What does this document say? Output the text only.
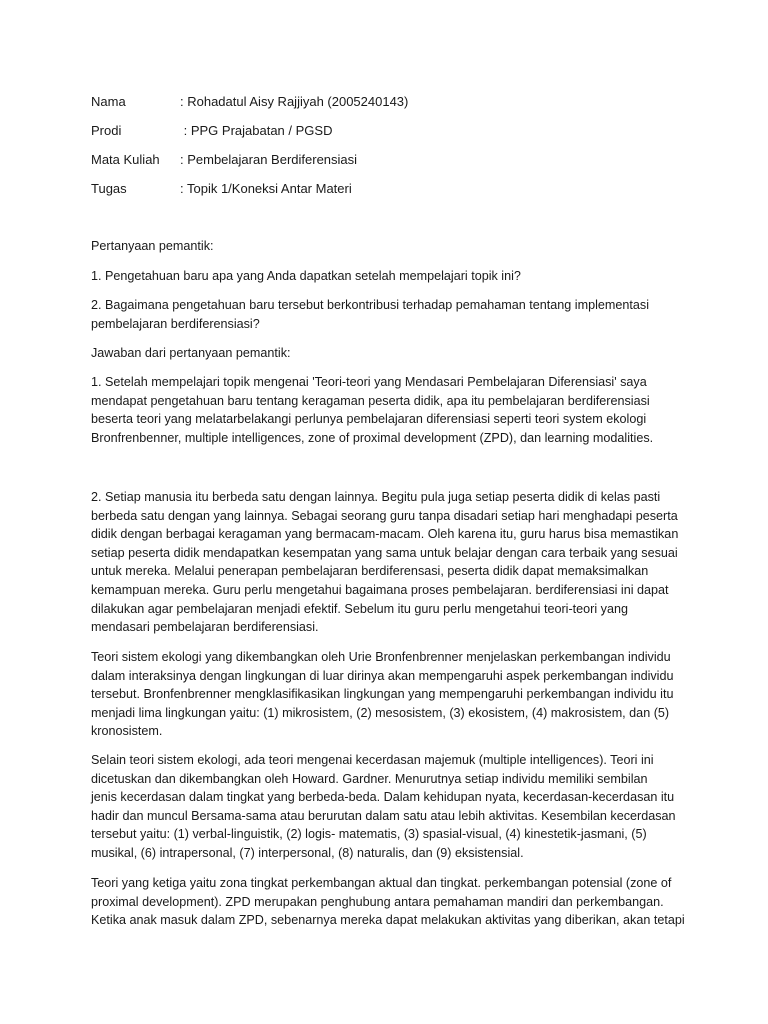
Nama	: Rohadatul Aisy Rajjiyah (2005240143)
Prodi	: PPG Prajabatan / PGSD
Mata Kuliah : Pembelajaran Berdiferensiasi
Tugas	: Topik 1/Koneksi Antar Materi
Pertanyaan pemantik:
1. Pengetahuan baru apa yang Anda dapatkan setelah mempelajari topik ini?
2. Bagaimana pengetahuan baru tersebut berkontribusi terhadap pemahaman tentang implementasi
pembelajaran berdiferensiasi?
Jawaban dari pertanyaan pemantik:
1. Setelah mempelajari topik mengenai 'Teori-teori yang Mendasari Pembelajaran Diferensiasi' saya
mendapat pengetahuan baru tentang keragaman peserta didik, apa itu pembelajaran berdiferensiasi
beserta teori yang melatarbelakangi perlunya pembelajaran diferensiasi seperti teori system ekologi
Bronfrenbenner, multiple intelligences, zone of proximal development (ZPD), dan learning modalities.
2. Setiap manusia itu berbeda satu dengan lainnya. Begitu pula juga setiap peserta didik di kelas pasti
berbeda satu dengan yang lainnya. Sebagai seorang guru tanpa disadari setiap hari menghadapi peserta
didik dengan berbagai keragaman yang bermacam-macam. Oleh karena itu, guru harus bisa memastikan
setiap peserta didik mendapatkan kesempatan yang sama untuk belajar dengan cara terbaik yang sesuai
untuk mereka. Melalui penerapan pembelajaran berdiferensasi, peserta didik dapat memaksimalkan
kemampuan mereka. Guru perlu mengetahui bagaimana proses pembelajaran. berdiferensiasi ini dapat
dilakukan agar pembelajaran menjadi efektif. Sebelum itu guru perlu mengetahui teori-teori yang
mendasari pembelajaran berdiferensiasi.
Teori sistem ekologi yang dikembangkan oleh Urie Bronfenbrenner menjelaskan perkembangan individu
dalam interaksinya dengan lingkungan di luar dirinya akan mempengaruhi aspek perkembangan individu
tersebut. Bronfenbrenner mengklasifikasikan lingkungan yang mempengaruhi perkembangan individu itu
menjadi lima lingkungan yaitu: (1) mikrosistem, (2) mesosistem, (3) ekosistem, (4) makrosistem, dan (5)
kronosistem.
Selain teori sistem ekologi, ada teori mengenai kecerdasan majemuk (multiple intelligences). Teori ini
dicetuskan dan dikembangkan oleh Howard. Gardner. Menurutnya setiap individu memiliki sembilan
jenis kecerdasan dalam tingkat yang berbeda-beda. Dalam kehidupan nyata, kecerdasan-kecerdasan itu
hadir dan muncul Bersama-sama atau berurutan dalam satu atau lebih aktivitas. Kesembilan kecerdasan
tersebut yaitu: (1) verbal-linguistik, (2) logis- matematis, (3) spasial-visual, (4) kinestetik-jasmani, (5)
musikal, (6) intrapersonal, (7) interpersonal, (8) naturalis, dan (9) eksistensial.
Teori yang ketiga yaitu zona tingkat perkembangan aktual dan tingkat. perkembangan potensial (zone of
proximal development). ZPD merupakan penghubung antara pemahaman mandiri dan perkembangan.
Ketika anak masuk dalam ZPD, sebenarnya mereka dapat melakukan aktivitas yang diberikan, akan tetapi
